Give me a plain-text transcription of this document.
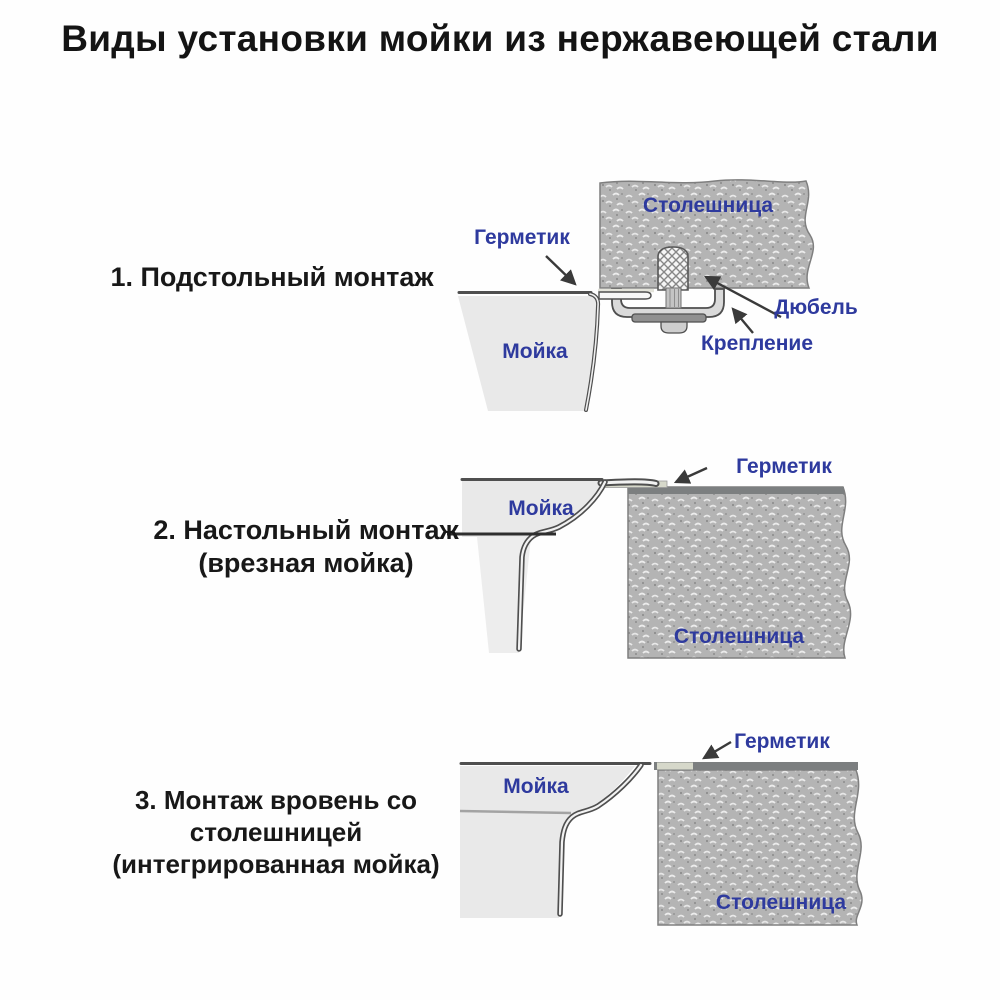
Виды установки мойки из нержавеющей стали
1. Подстольный монтаж
2. Настольный монтаж
(врезная мойка)
3. Монтаж вровень со
столешницей
(интегрированная мойка)
Столешница
Герметик
Мойка
Дюбель
Крепление
Герметик
Мойка
Столешница
Герметик
Мойка
Столешница
